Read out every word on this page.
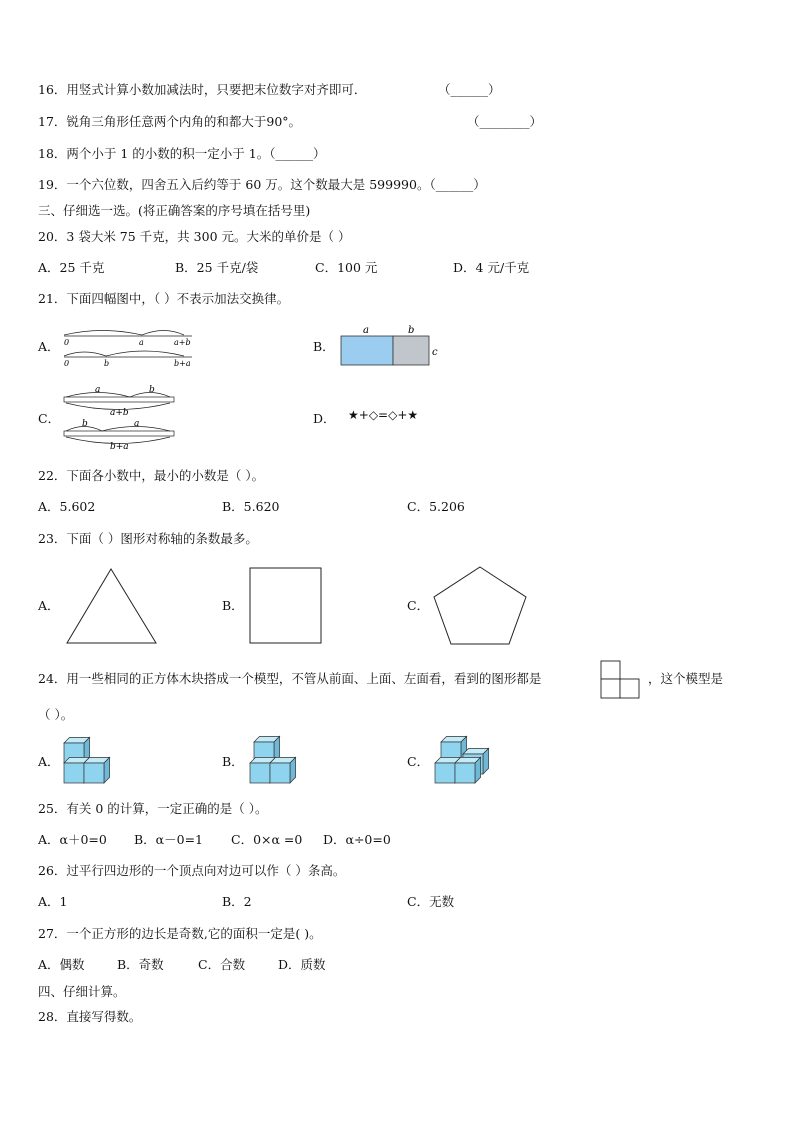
16．用竖式计算小数加减法时，只要把末位数字对齐即可．	（______）
17．锐角三角形任意两个内角的和都大于90°。	（________）
18．两个小于 1 的小数的积一定小于 1。（______）
19．一个六位数，四舍五入后约等于 60 万。这个数最大是 599990。（______）
三、仔细选一选。(将正确答案的序号填在括号里)
20．3 袋大米 75 千克，共 300 元。大米的单价是（ ）
A．25 千克	B．25 千克/袋	C．100 元	D．4 元/千克
21．下面四幅图中，（ ）不表示加法交换律。
A．	B．
C．	D．
0	a	a+b
0	b	b+a
a	b
c
a	b
a+b
b	a
b+a
★+◇=◇+★
22．下面各小数中，最小的小数是（ ）。
A．5.602	B．5.620	C．5.206
23．下面（ ）图形对称轴的条数最多。
A．	B．	C．
24．用一些相同的正方体木块搭成一个模型，不管从前面、上面、左面看，看到的图形都是	，这个模型是
（ ）。
A．	B．	C．
25．有关 0 的计算，一定正确的是（ ）。
A．α＋0=0 B．α－0=1 C．0×α =0 D．α÷0=0
26．过平行四边形的一个顶点向对边可以作（ ）条高。
A．1	B．2	C．无数
27．一个正方形的边长是奇数,它的面积一定是( )。
A．偶数	B．奇数	C．合数	D．质数
四、仔细计算。
28．直接写得数。
